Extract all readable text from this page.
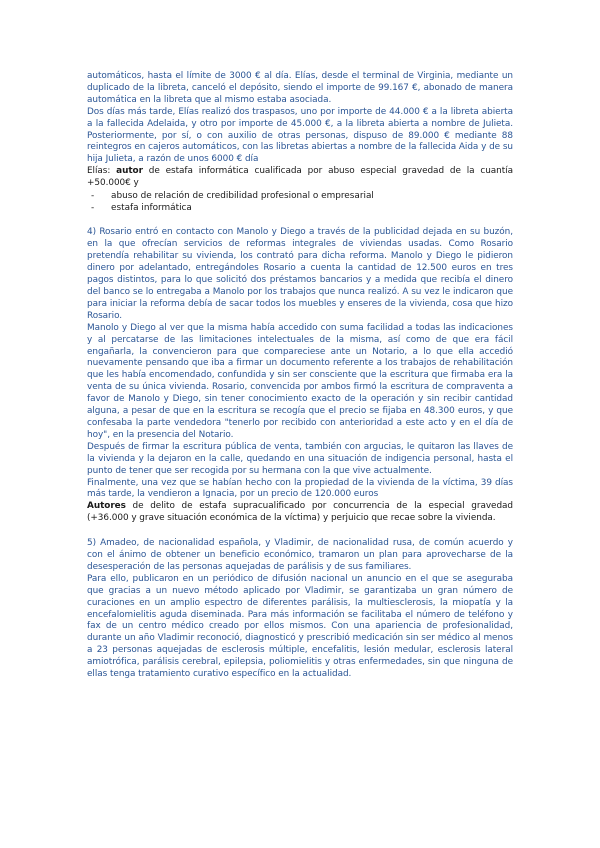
automáticos, hasta el límite de 3000 € al día. Elías, desde el terminal de Virginia, mediante un duplicado de la libreta, canceló el depósito, siendo el importe de 99.167 €, abonado de manera automática en la libreta que al mismo estaba asociada.

Dos días más tarde, Elías realizó dos traspasos, uno por importe de 44.000 € a la libreta abierta a la fallecida Adelaida, y otro por importe de 45.000 €, a la libreta abierta a nombre de Julieta. Posteriormente, por sí, o con auxilio de otras personas, dispuso de 89.000 € mediante 88 reintegros en cajeros automáticos, con las libretas abiertas a nombre de la fallecida Aida y de su hija Julieta, a razón de unos 6000 € día

Elías: autor de estafa informática cualificada por abuso especial gravedad de la cuantía +50.000€ y

-	abuso de relación de credibilidad profesional o empresarial
-	estafa informática

4) Rosario entró en contacto con Manolo y Diego a través de la publicidad dejada en su buzón, en la que ofrecían servicios de reformas integrales de viviendas usadas. Como Rosario pretendía rehabilitar su vivienda, los contrató para dicha reforma. Manolo y Diego le pidieron dinero por adelantado, entregándoles Rosario a cuenta la cantidad de 12.500 euros en tres pagos distintos, para lo que solicitó dos préstamos bancarios y a medida que recibía el dinero del banco se lo entregaba a Manolo por los trabajos que nunca realizó. A su vez le indicaron que para iniciar la reforma debía de sacar todos los muebles y enseres de la vivienda, cosa que hizo Rosario.

Manolo y Diego al ver que la misma había accedido con suma facilidad a todas las indicaciones y al percatarse de las limitaciones intelectuales de la misma, así como de que era fácil engañarla, la convencieron para que compareciese ante un Notario, a lo que ella accedió nuevamente pensando que iba a firmar un documento referente a los trabajos de rehabilitación que les había encomendado, confundida y sin ser consciente que la escritura que firmaba era la venta de su única vivienda. Rosario, convencida por ambos firmó la escritura de compraventa a favor de Manolo y Diego, sin tener conocimiento exacto de la operación y sin recibir cantidad alguna, a pesar de que en la escritura se recogía que el precio se fijaba en 48.300 euros, y que confesaba la parte vendedora "tenerlo por recibido con anterioridad a este acto y en el día de hoy", en la presencia del Notario.

Después de firmar la escritura pública de venta, también con argucias, le quitaron las llaves de la vivienda y la dejaron en la calle, quedando en una situación de indigencia personal, hasta el punto de tener que ser recogida por su hermana con la que vive actualmente.

Finalmente, una vez que se habían hecho con la propiedad de la vivienda de la víctima, 39 días más tarde, la vendieron a Ignacia, por un precio de 120.000 euros

Autores de delito de estafa supracualificado por concurrencia de la especial gravedad (+36.000 y grave situación económica de la víctima) y perjuicio que recae sobre la vivienda.

5) Amadeo, de nacionalidad española, y Vladimir, de nacionalidad rusa, de común acuerdo y con el ánimo de obtener un beneficio económico, tramaron un plan para aprovecharse de la desesperación de las personas aquejadas de parálisis y de sus familiares.

Para ello, publicaron en un periódico de difusión nacional un anuncio en el que se aseguraba que gracias a un nuevo método aplicado por Vladimir, se garantizaba un gran número de curaciones en un amplio espectro de diferentes parálisis, la multiesclerosis, la miopatía y la encefalomielitis aguda diseminada. Para más información se facilitaba el número de teléfono y fax de un centro médico creado por ellos mismos. Con una apariencia de profesionalidad, durante un año Vladimir reconoció, diagnosticó y prescribió medicación sin ser médico al menos a 23 personas aquejadas de esclerosis múltiple, encefalitis, lesión medular, esclerosis lateral amiotrófica, parálisis cerebral, epilepsia, poliomielitis y otras enfermedades, sin que ninguna de ellas tenga tratamiento curativo específico en la actualidad.
